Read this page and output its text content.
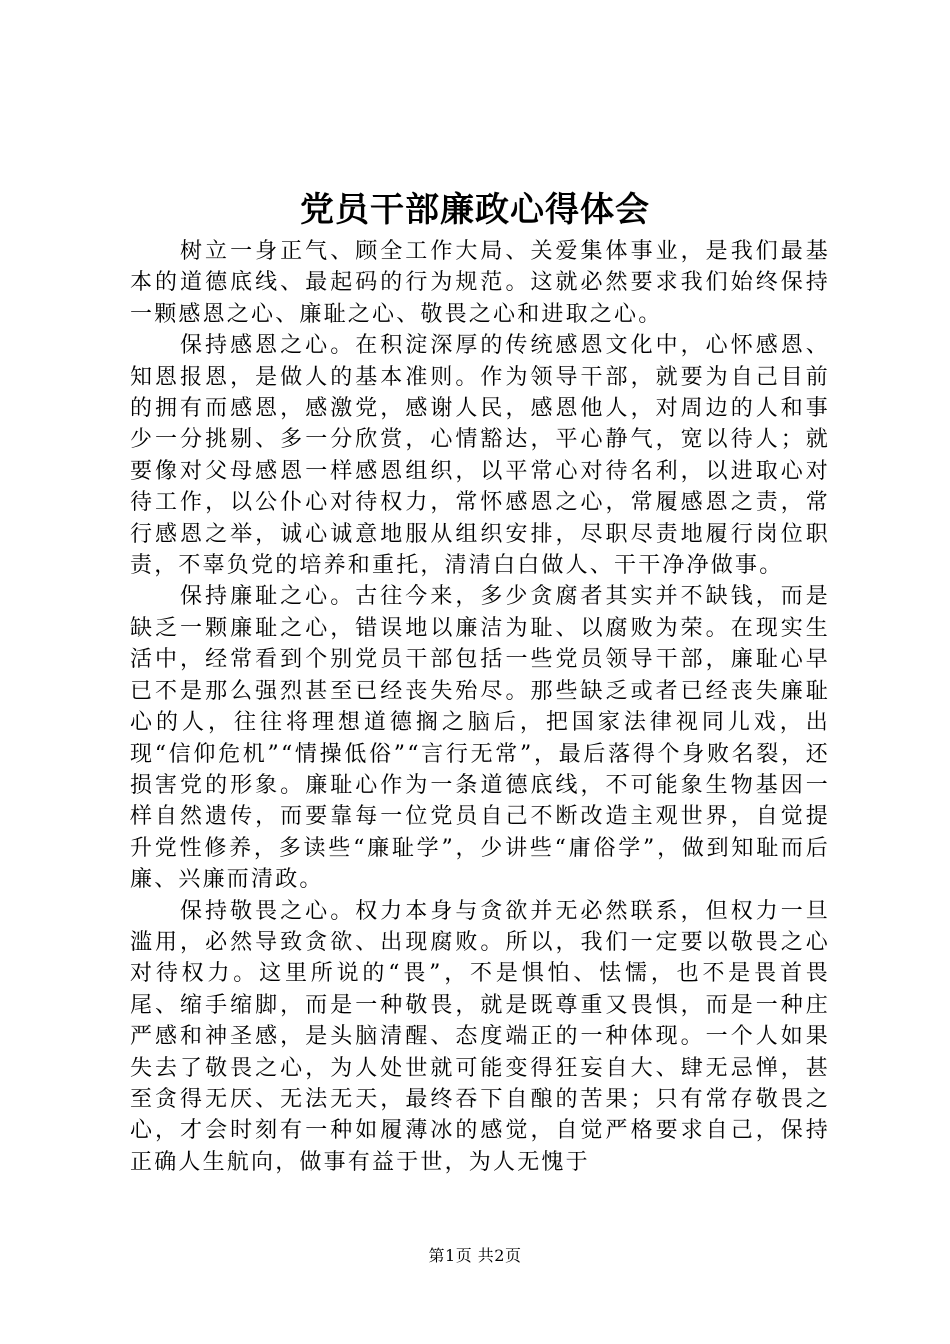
党员干部廉政心得体会

树立一身正气、顾全工作大局、关爱集体事业，是我们最基本的道德底线、最起码的行为规范。这就必然要求我们始终保持一颗感恩之心、廉耻之心、敬畏之心和进取之心。

保持感恩之心。在积淀深厚的传统感恩文化中，心怀感恩、知恩报恩，是做人的基本准则。作为领导干部，就要为自己目前的拥有而感恩，感激党，感谢人民，感恩他人，对周边的人和事少一分挑剔、多一分欣赏，心情豁达，平心静气，宽以待人；就要像对父母感恩一样感恩组织，以平常心对待名利，以进取心对待工作，以公仆心对待权力，常怀感恩之心，常履感恩之责，常行感恩之举，诚心诚意地服从组织安排，尽职尽责地履行岗位职责，不辜负党的培养和重托，清清白白做人、干干净净做事。

保持廉耻之心。古往今来，多少贪腐者其实并不缺钱，而是缺乏一颗廉耻之心，错误地以廉洁为耻、以腐败为荣。在现实生活中，经常看到个别党员干部包括一些党员领导干部，廉耻心早已不是那么强烈甚至已经丧失殆尽。那些缺乏或者已经丧失廉耻心的人，往往将理想道德搁之脑后，把国家法律视同儿戏，出现“信仰危机”“情操低俗”“言行无常”，最后落得个身败名裂，还损害党的形象。廉耻心作为一条道德底线，不可能象生物基因一样自然遗传，而要靠每一位党员自己不断改造主观世界，自觉提升党性修养，多读些“廉耻学”，少讲些“庸俗学”，做到知耻而后廉、兴廉而清政。

保持敬畏之心。权力本身与贪欲并无必然联系，但权力一旦滥用，必然导致贪欲、出现腐败。所以，我们一定要以敬畏之心对待权力。这里所说的“畏”，不是惧怕、怯懦，也不是畏首畏尾、缩手缩脚，而是一种敬畏，就是既尊重又畏惧，而是一种庄严感和神圣感，是头脑清醒、态度端正的一种体现。一个人如果失去了敬畏之心，为人处世就可能变得狂妄自大、肆无忌惮，甚至贪得无厌、无法无天，最终吞下自酿的苦果；只有常存敬畏之心，才会时刻有一种如履薄冰的感觉，自觉严格要求自己，保持正确人生航向，做事有益于世，为人无愧于

第1页 共2页
